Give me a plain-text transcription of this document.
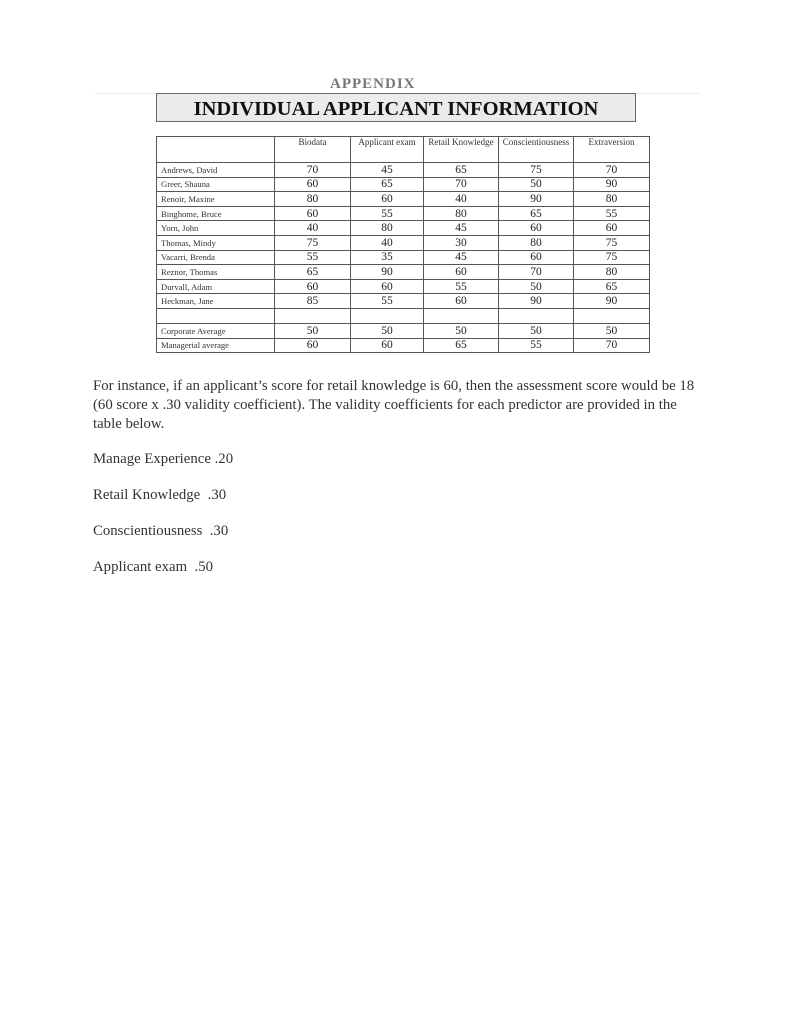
APPENDIX
INDIVIDUAL APPLICANT INFORMATION
	Biodata	Applicant exam	Retail Knowledge	Conscientiousness	Extraversion
Andrews, David	70	45	65	75	70
Greer, Shauna	60	65	70	50	90
Renoir, Maxine	80	60	40	90	80
Binghome, Bruce	60	55	80	65	55
Yorn, John	40	80	45	60	60
Thomas, Mindy	75	40	30	80	75
Vacarri, Brenda	55	35	45	60	75
Reznor, Thomas	65	90	60	70	80
Durvall, Adam	60	60	55	50	65
Heckman, Jane	85	55	60	90	90

Corporate Average	50	50	50	50	50
Managerial average	60	60	65	55	70

For instance, if an applicant’s score for retail knowledge is 60, then the assessment score would be 18 (60 score x .30 validity coefficient). The validity coefficients for each predictor are provided in the table below.

Manage Experience .20

Retail Knowledge  .30

Conscientiousness  .30

Applicant exam  .50
